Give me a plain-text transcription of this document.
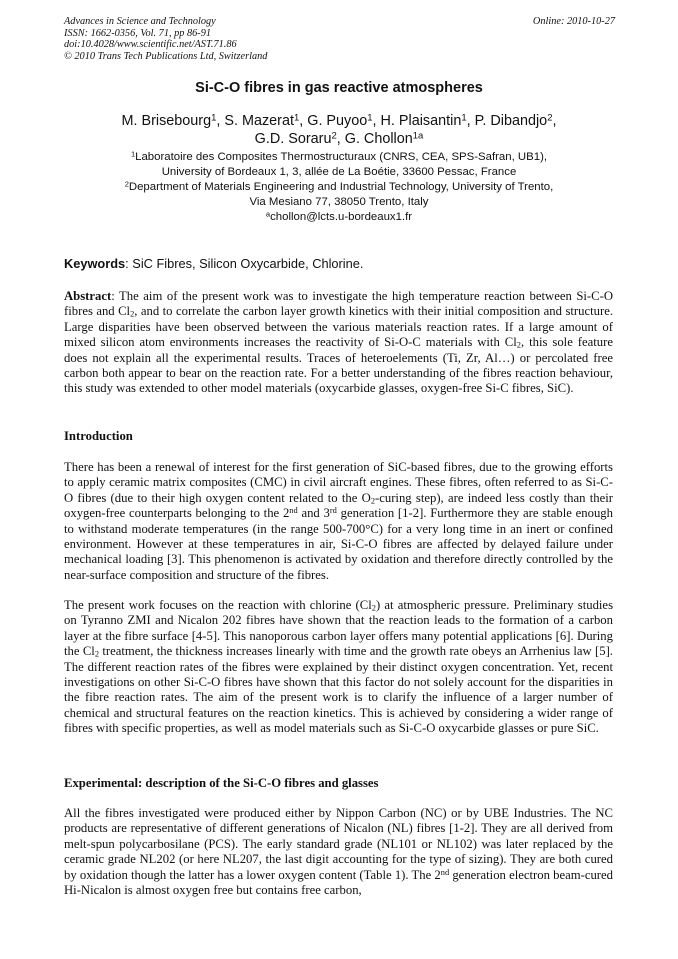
Advances in Science and Technology
ISSN: 1662-0356, Vol. 71, pp 86-91
doi:10.4028/www.scientific.net/AST.71.86
© 2010 Trans Tech Publications Ltd, Switzerland
Online: 2010-10-27
Si-C-O fibres in gas reactive atmospheres
M. Brisebourg$^1$, S. Mazerat$^1$, G. Puyoo$^1$, H. Plaisantin$^1$, P. Dibandjo$^2$,
G.D. Soraru$^2$, G. Chollon$^{1a}$
$^1$Laboratoire des Composites Thermostructuraux (CNRS, CEA, SPS-Safran, UB1),
University of Bordeaux 1, 3, allée de La Boétie, 33600 Pessac, France
$^2$Department of Materials Engineering and Industrial Technology, University of Trento,
Via Mesiano 77, 38050 Trento, Italy
$^a$chollon@lcts.u-bordeaux1.fr
Keywords: SiC Fibres, Silicon Oxycarbide, Chlorine.

Abstract: The aim of the present work was to investigate the high temperature reaction between Si-C-O fibres and $Cl_2$, and to correlate the carbon layer growth kinetics with their initial composition and structure. Large disparities have been observed between the various materials reaction rates. If a large amount of mixed silicon atom environments increases the reactivity of Si-O-C materials with $Cl_2$, this sole feature does not explain all the experimental results. Traces of heteroelements (Ti, Zr, Al…) or percolated free carbon both appear to bear on the reaction rate. For a better understanding of the fibres reaction behaviour, this study was extended to other model materials (oxycarbide glasses, oxygen-free Si-C fibres, SiC).

Introduction

There has been a renewal of interest for the first generation of SiC-based fibres, due to the growing efforts to apply ceramic matrix composites (CMC) in civil aircraft engines. These fibres, often referred to as Si-C-O fibres (due to their high oxygen content related to the $O_2$-curing step), are indeed less costly than their oxygen-free counterparts belonging to the 2nd and 3rd generation [1-2]. Furthermore they are stable enough to withstand moderate temperatures (in the range 500-700°C) for a very long time in an inert or confined environment. However at these temperatures in air, Si-C-O fibres are affected by delayed failure under mechanical loading [3]. This phenomenon is activated by oxidation and therefore directly controlled by the near-surface composition and structure of the fibres.

The present work focuses on the reaction with chlorine $(Cl_2)$ at atmospheric pressure. Preliminary studies on Tyranno ZMI and Nicalon 202 fibres have shown that the reaction leads to the formation of a carbon layer at the fibre surface [4-5]. This nanoporous carbon layer offers many potential applications [6]. During the $Cl_2$ treatment, the thickness increases linearly with time and the growth rate obeys an Arrhenius law [5]. The different reaction rates of the fibres were explained by their distinct oxygen concentration. Yet, recent investigations on other Si-C-O fibres have shown that this factor do not solely account for the disparities in the fibre reaction rates. The aim of the present work is to clarify the influence of a larger number of chemical and structural features on the reaction kinetics. This is achieved by considering a wider range of fibres with specific properties, as well as model materials such as Si-C-O oxycarbide glasses or pure SiC.

Experimental: description of the Si-C-O fibres and glasses

All the fibres investigated were produced either by Nippon Carbon (NC) or by UBE Industries. The NC products are representative of different generations of Nicalon (NL) fibres [1-2]. They are all derived from melt-spun polycarbosilane (PCS). The early standard grade (NL101 or NL102) was later replaced by the ceramic grade NL202 (or here NL207, the last digit accounting for the type of sizing). They are both cured by oxidation though the latter has a lower oxygen content (Table 1). The 2nd generation electron beam-cured Hi-Nicalon is almost oxygen free but contains free carbon,
